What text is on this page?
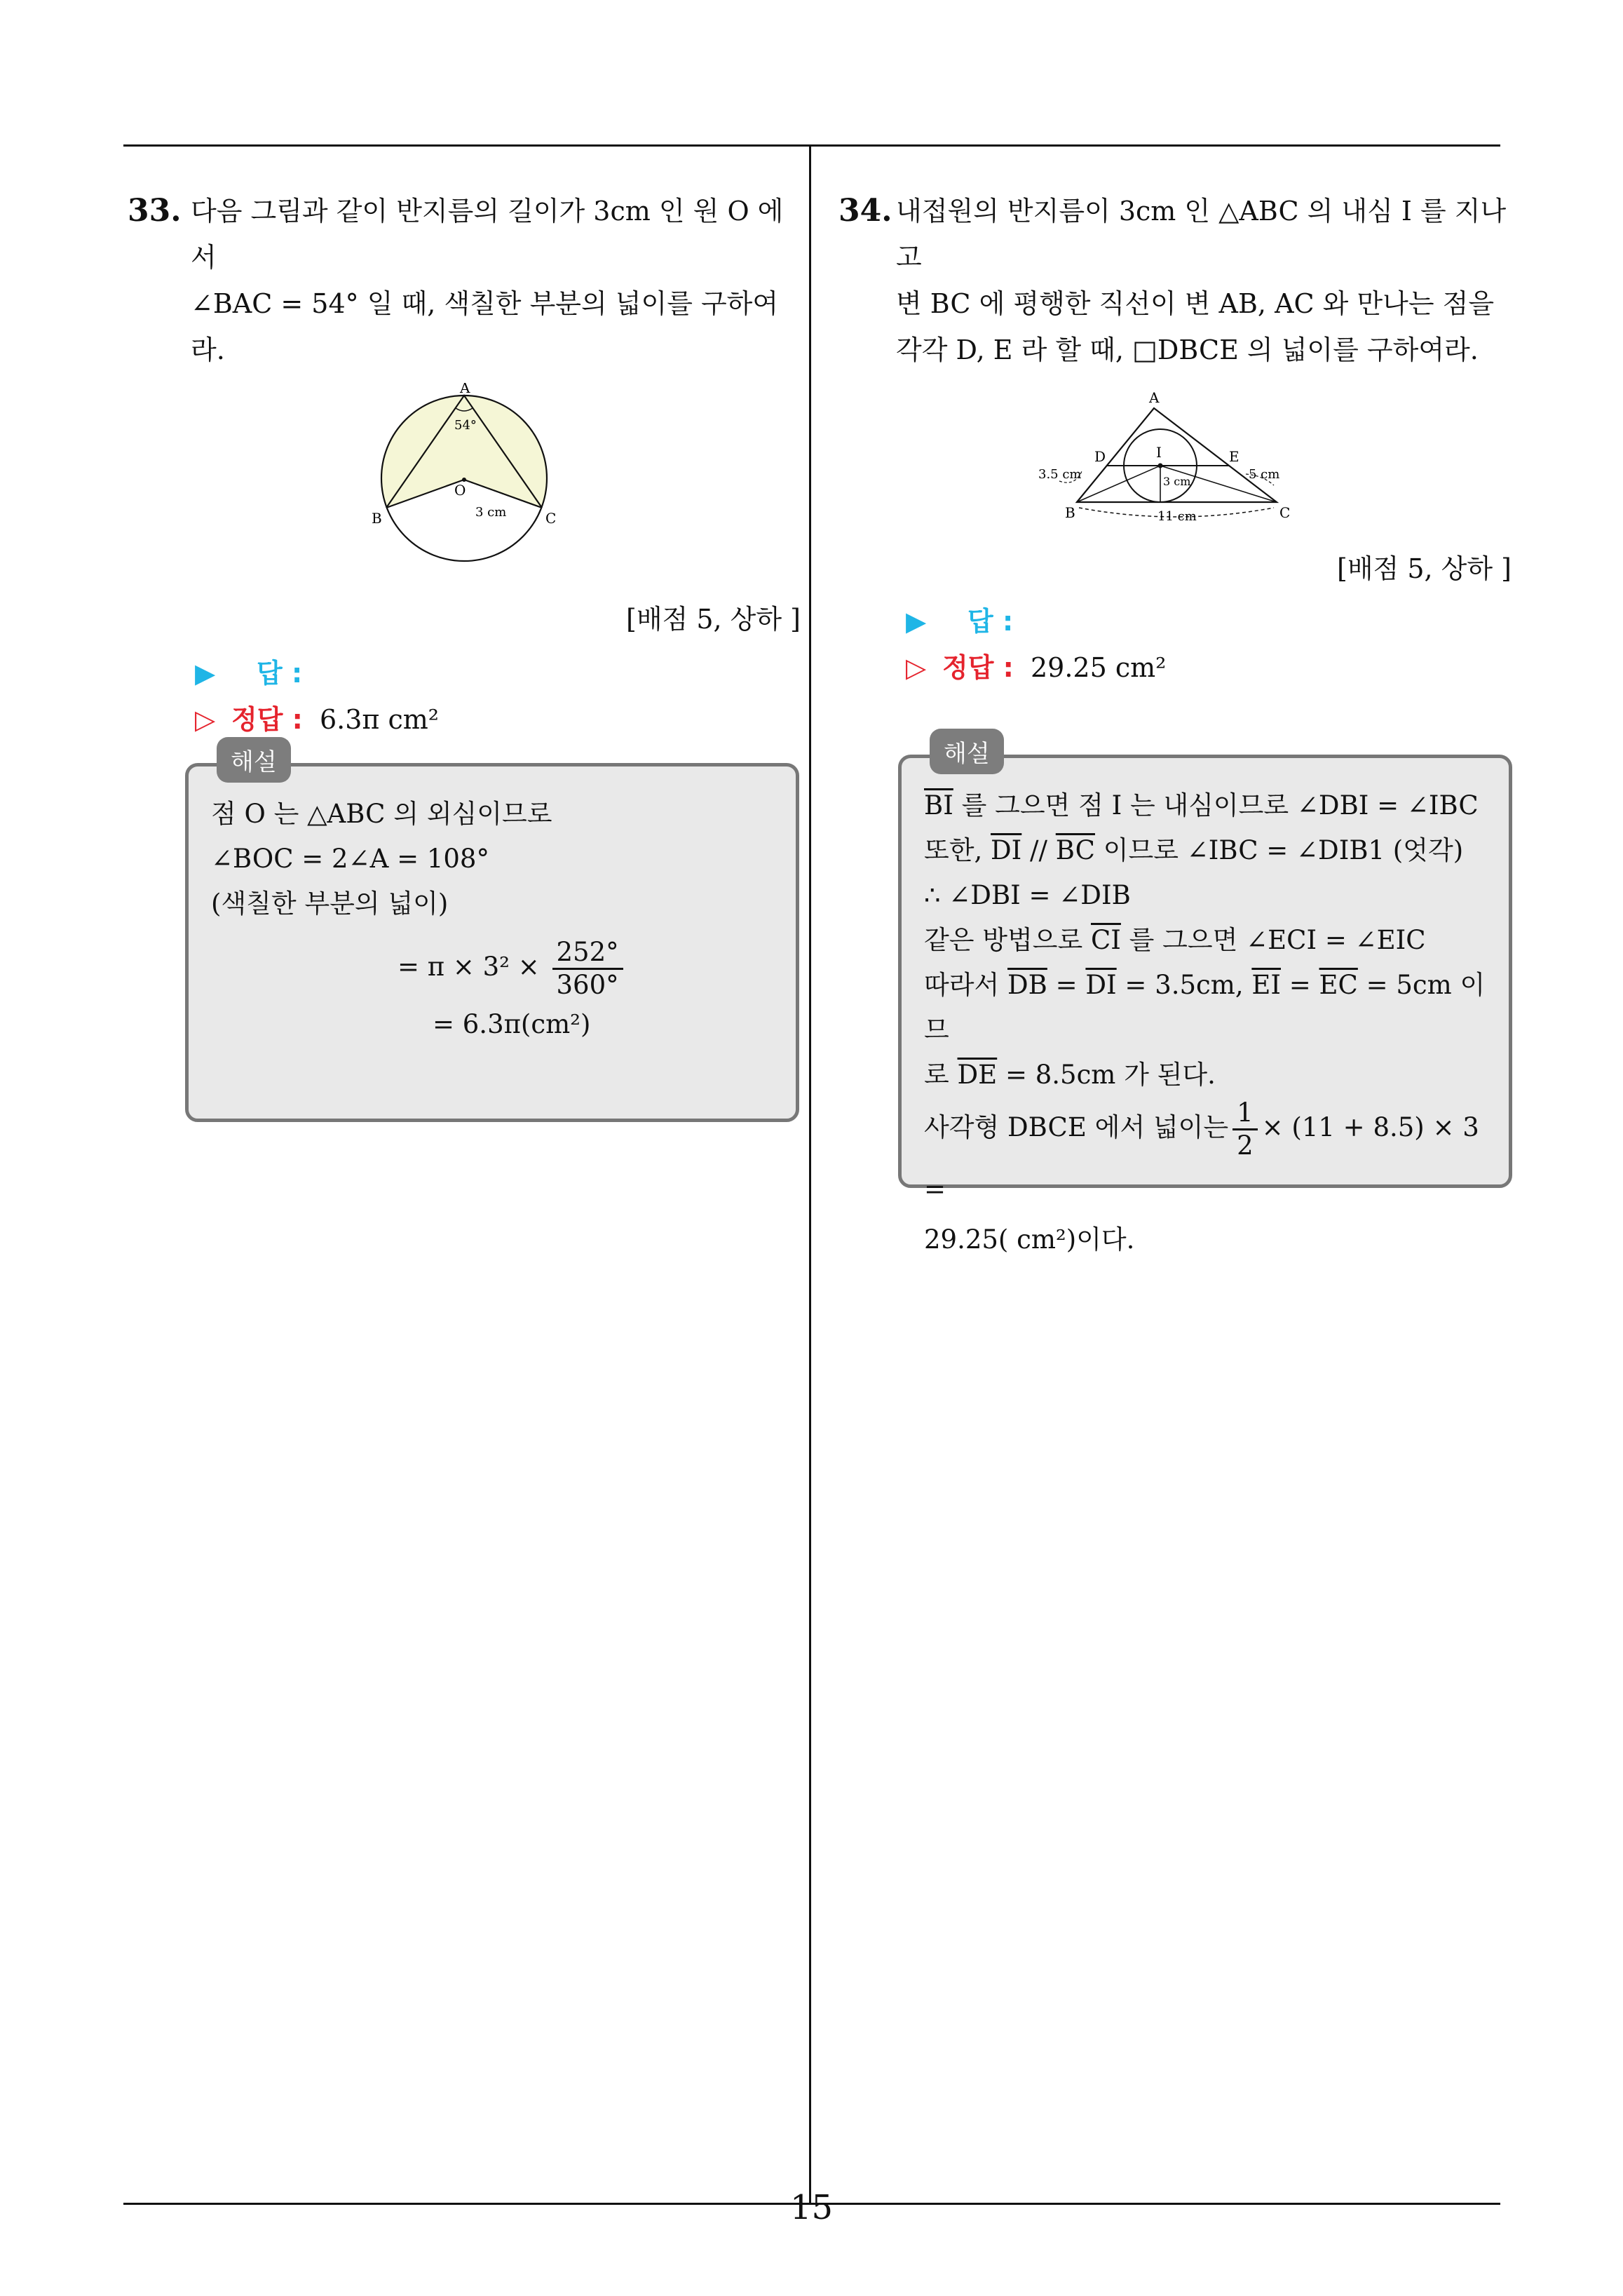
33. 다음 그림과 같이 반지름의 길이가 3cm 인 원 O 에서
∠BAC = 54° 일 때, 색칠한 부분의 넓이를 구하여라.
A
B	C
O
54°
3 cm
[배점 5, 상하 ]
▶ 답 :
▷ 정답 : 6.3π cm²
해설
점 O 는 △ABC 의 외심이므로
∠BOC = 2∠A = 108°
(색칠한 부분의 넓이)
= $\pi \times 3^2 \times \frac{252^\circ}{360^\circ}$
= 6.3π(cm²)
34. 내접원의 반지름이 3cm 인 △ABC 의 내심 I 를 지나고
변 BC 에 평행한 직선이 변 AB, AC 와 만나는 점을
각각 D, E 라 할 때, □DBCE 의 넓이를 구하여라.
A
B	C
D	E
I
3.5 cm	5 cm
3 cm
11 cm
[배점 5, 상하 ]
▶ 답 :
▷ 정답 : 29.25 cm²
해설
$\overline{BI}$ 를 그으면 점 I 는 내심이므로 ∠DBI = ∠IBC
또한, $\overline{DI} // \overline{BC}$ 이므로 ∠IBC = ∠DIB1 (엇각)
∴ ∠DBI = ∠DIB
같은 방법으로 $\overline{CI}$ 를 그으면 ∠ECI = ∠EIC
따라서 $\overline{DB} = \overline{DI} = 3.5cm$, $\overline{EI} = \overline{EC} = 5cm$ 이므
로 $\overline{DE} = 8.5cm$ 가 된다.
사각형 DBCE 에서 넓이는 $\frac{1}{2} \times (11 + 8.5) \times 3$ =
29.25( cm²)이다.
15
